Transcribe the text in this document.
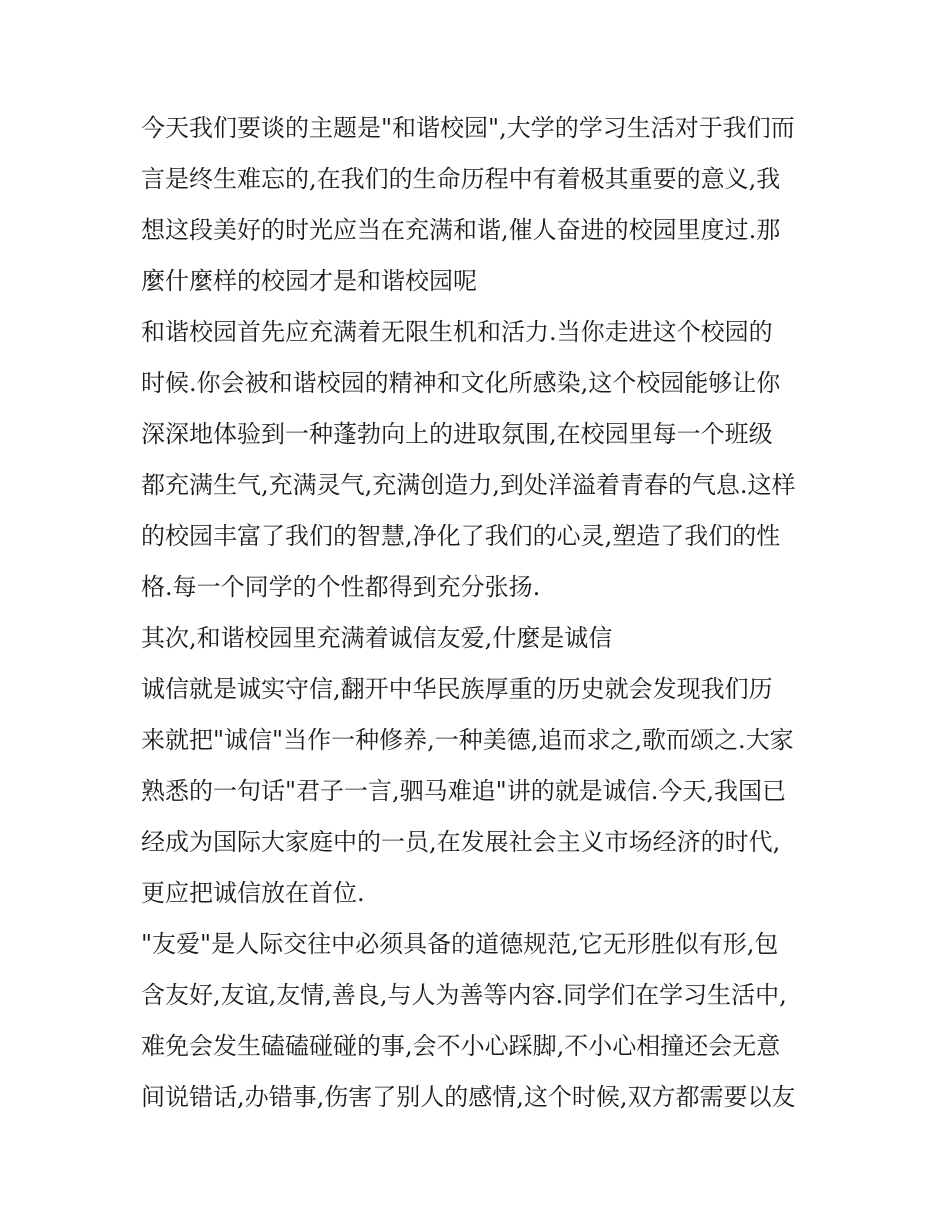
今天我们要谈的主题是"和谐校园",大学的学习生活对于我们而
言是终生难忘的,在我们的生命历程中有着极其重要的意义,我
想这段美好的时光应当在充满和谐,催人奋进的校园里度过.那
麼什麼样的校园才是和谐校园呢
和谐校园首先应充满着无限生机和活力.当你走进这个校园的
时候.你会被和谐校园的精神和文化所感染,这个校园能够让你
深深地体验到一种蓬勃向上的进取氛围,在校园里每一个班级
都充满生气,充满灵气,充满创造力,到处洋溢着青春的气息.这样
的校园丰富了我们的智慧,净化了我们的心灵,塑造了我们的性
格.每一个同学的个性都得到充分张扬.
其次,和谐校园里充满着诚信友爱,什麼是诚信
诚信就是诚实守信,翻开中华民族厚重的历史就会发现我们历
来就把"诚信"当作一种修养,一种美德,追而求之,歌而颂之.大家
熟悉的一句话"君子一言,驷马难追"讲的就是诚信.今天,我国已
经成为国际大家庭中的一员,在发展社会主义市场经济的时代,
更应把诚信放在首位.
"友爱"是人际交往中必须具备的道德规范,它无形胜似有形,包
含友好,友谊,友情,善良,与人为善等内容.同学们在学习生活中,
难免会发生磕磕碰碰的事,会不小心踩脚,不小心相撞还会无意
间说错话,办错事,伤害了别人的感情,这个时候,双方都需要以友
